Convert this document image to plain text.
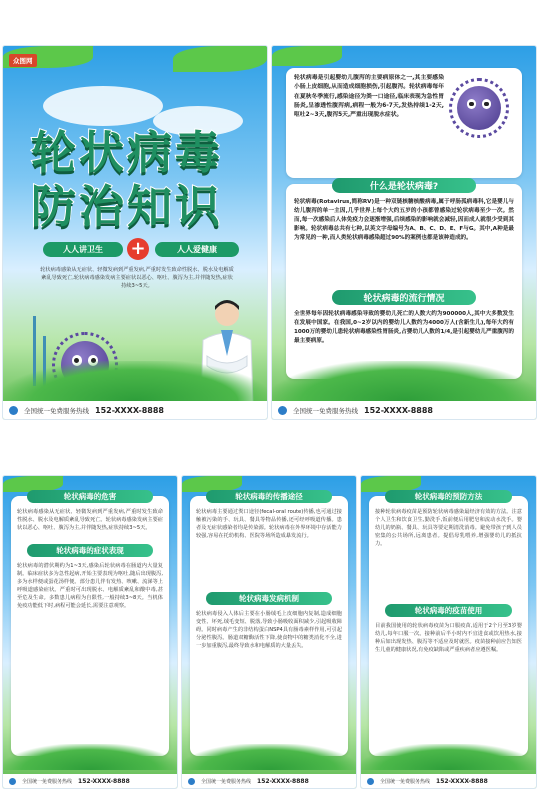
众图网
轮状病毒
防治知识
人人讲卫生	+	人人爱健康
轮状病毒感染从无症状、轻微发病到严重发病,严重时发生致命性脱水、脱水及电解质紊乱导致死亡,轮状病毒感染发病主要症状以恶心、呕吐、腹泻为主,并伴随发热,症状持续3~5天。
全国统一免费服务热线 152-XXXX-8888
轮状病毒是引起婴幼儿腹泻的主要病原体之一,其主要感染小肠上皮细胞,从而造成细胞损伤,引起腹泻。轮状病毒每年在夏秋冬季流行,感染途径为粪一口途径,临床表现为急性胃肠炎,呈渗透性腹泻病,病程一般为6-7天,发热持续1-2天,呕吐2~3天,腹泻5天,严重出现脱水症状。
什么是轮状病毒?
轮状病毒(Rotavirus,简称RV)是一种双链核糖核酸病毒,属于呼肠孤病毒科,它是婴儿与幼儿腹泻的单一主因,几乎世界上每个大约五岁的小孩都曾感染过轮状病毒至少一次。然而,每一次感染后人体免疫力会逐渐增强,后续感染的影响就会减轻,因而成人就很少受到其影响。轮状病毒总共有七种,以英文字母编号为A、B、C、D、E、F与G。其中,A种是最为常见的一种,而人类轮状病毒感染超过90%的案例也都是该种造成的。
轮状病毒的流行情况
全世界每年因轮状病毒感染导致的婴幼儿死亡的人数大约为900000人,其中大多数发生在发展中国家。在我国,0~2岁以内的婴幼儿人数约为4000万人(含新生儿),每年大约有1000万的婴幼儿患轮状病毒感染性胃肠炎,占婴幼儿人数的1/4,是引起婴幼儿严重腹泻的最主要病原。
全国统一免费服务热线 152-XXXX-8888
轮状病毒的危害
轮状病毒感染从无症状、轻微发病到严重发病,严重时发生致命性脱水、脱水及电解质紊乱导致死亡。轮状病毒感染发病主要症状以恶心、呕吐、腹泻为主,并伴随发热,症状持续3~5天。
轮状病毒的症状表现
轮状病毒的潜伏期约为1~3天,感染后轮状病毒在肠道内大量复制。临床症状多为急性起病,开始主要表现为呕吐,随后出现腹泻,多为水样便或蛋花汤样便。部分患儿伴有发热、咳嗽、流涕等上呼吸道感染症状。严重时可出现脱水、电解质紊乱和酸中毒,甚至危及生命。多数患儿病程为自限性,一般持续3~8天。当机体免疫功能低下时,病程可能会延长,需要注意观察。
全国统一免费服务热线 152-XXXX-8888
轮状病毒的传播途径
轮状病毒主要通过粪口途径(fecal-oral route)传播,也可通过接触被污染的手、玩具、餐具等物品传播,还可经呼吸道传播。患者及无症状感染者均是传染源。轮状病毒在外界环境中存活能力较强,容易在托幼机构、医院等场所造成暴发流行。
轮状病毒发病机制
轮状病毒侵入人体后主要在小肠绒毛上皮细胞内复制,造成细胞变性、坏死,绒毛变短、脱落,导致小肠吸收面积减少,引起吸收障碍。同时病毒产生的非结构蛋白NSP4具有肠毒素样作用,可引起分泌性腹泻。肠道双糖酶活性下降,使食物中的糖类消化不全,进一步加重腹泻,最终导致水和电解质的大量丢失。
全国统一免费服务热线 152-XXXX-8888
轮状病毒的预防方法
接种轮状病毒疫苗是预防轮状病毒感染最经济有效的方法。注意个人卫生和饮食卫生,勤洗手,饭前便后用肥皂和流动水洗手。婴幼儿的奶瓶、餐具、玩具等要定期清洗消毒。避免带孩子到人员密集的公共场所,远离患者。提倡母乳喂养,增强婴幼儿的抵抗力。
轮状病毒的疫苗使用
目前我国使用的轮状病毒疫苗为口服疫苗,适用于2个月至3岁婴幼儿,每年口服一次。接种前后半小时内不宜进食或饮用热水,接种后如出现发热、腹泻等不适应及时就医。疫苗接种前应告知医生儿童的健康状况,有免疫缺陷或严重疾病者应遵医嘱。
全国统一免费服务热线 152-XXXX-8888
